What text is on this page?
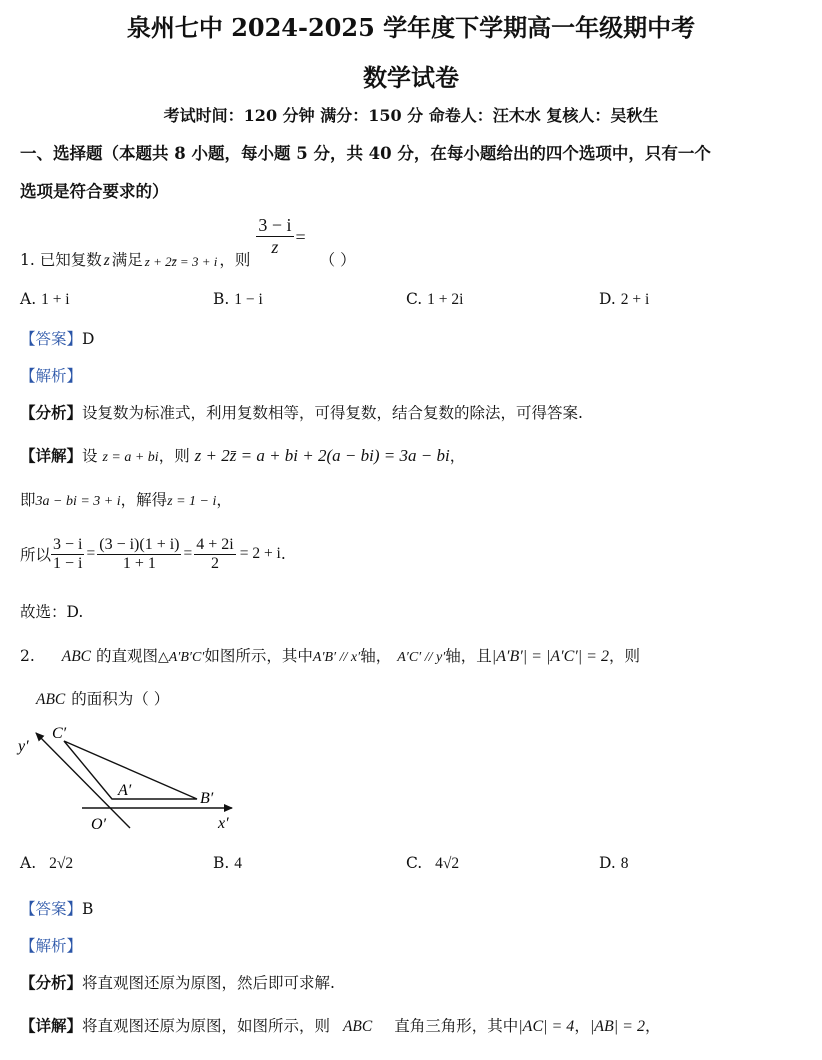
泉州七中 2024-2025 学年度下学期高一年级期中考
数学试卷
考试时间：120 分钟 满分：150 分 命卷人：汪木水 复核人：吴秋生
一、选择题（本题共 8 小题，每小题 5 分，共 40 分，在每小题给出的四个选项中，只有一个
选项是符合要求的）
1. 已知复数 z 满足 z + 2z̄ = 3 + i ，则
$\frac{3 - i}{z}$ =
（ ）
A. 1 + i	B. 1 − i	C. 1 + 2i	D. 2 + i
【答案】D
【解析】
【分析】设复数为标准式，利用复数相等，可得复数，结合复数的除法，可得答案.
【详解】设 z = a + bi，则 z + 2z̄ = a + bi + 2(a − bi) = 3a − bi，
即3a − bi = 3 + i，解得z = 1 − i，
所以 $\frac{3 - i}{1 - i} = \frac{(3 - i)(1 + i)}{1 + 1} = \frac{4 + 2i}{2} = 2 + i$ .
故选：D.
2. ABC 的直观图△A′B′C′如图所示，其中A′B′ // x′轴， A′C′ // y′轴，且|A′B′| = |A′C′| = 2，则
ABC 的面积为（ ）
y′
C′
A′	B′
O′	x′
A. 2√2	B. 4	C. 4√2	D. 8
【答案】B
【解析】
【分析】将直观图还原为原图，然后即可求解.
【详解】将直观图还原为原图，如图所示，则 ABC 直角三角形，其中|AC| = 4，|AB| = 2，
